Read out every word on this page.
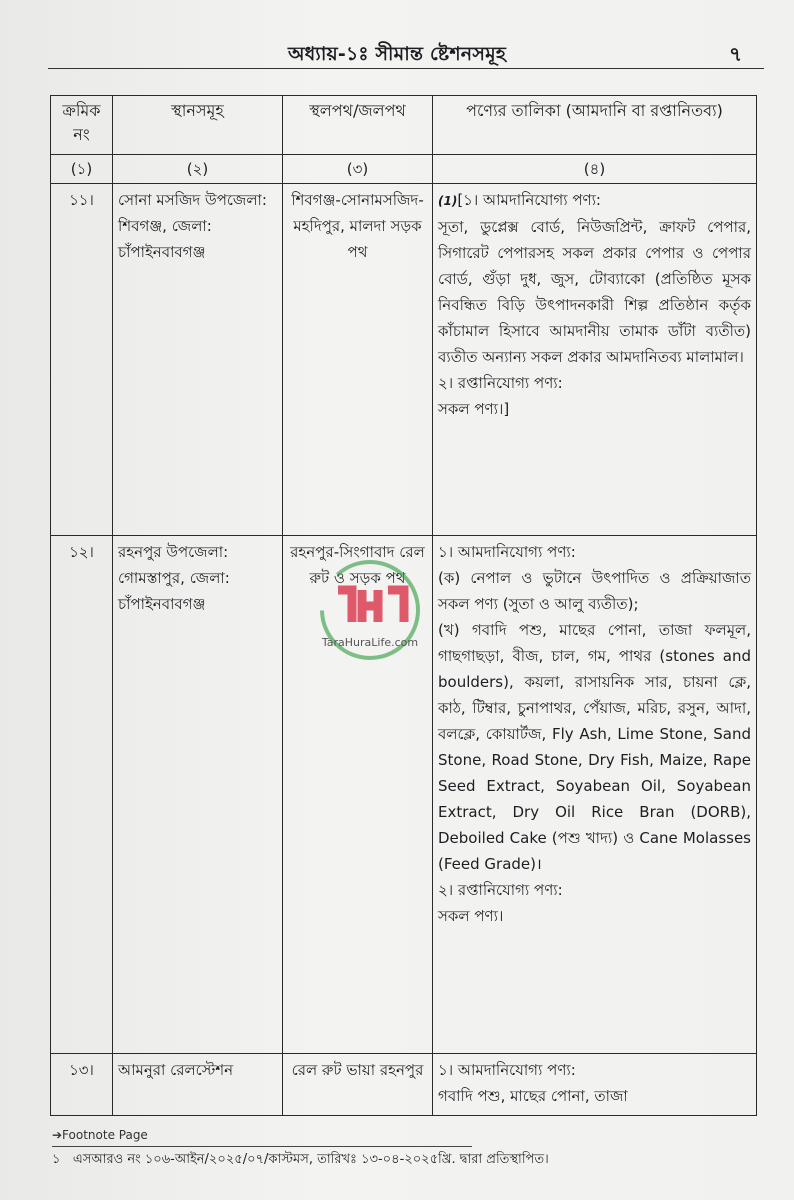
অধ্যায়-১ঃ সীমান্ত ষ্টেশনসমূহ	৭
ক্রমিক নং	স্থানসমূহ	স্থলপথ/জলপথ	পণ্যের তালিকা (আমদানি বা রপ্তানিতব্য)
(১)	(২)	(৩)	(৪)
১১।	সোনা মসজিদ উপজেলা: শিবগঞ্জ, জেলা: চাঁপাইনবাবগঞ্জ	শিবগঞ্জ-সোনামসজিদ-মহদিপুর, মালদা সড়ক পথ	(1)[১। আমদানিযোগ্য পণ্য:
সূতা, ডুপ্লেক্স বোর্ড, নিউজপ্রিন্ট, ক্রাফট পেপার, সিগারেট পেপারসহ সকল প্রকার পেপার ও পেপার বোর্ড, গুঁড়া দুধ, জুস, টোব্যাকো (প্রতিষ্ঠিত মূসক নিবন্ধিত বিড়ি উৎপাদনকারী শিল্প প্রতিষ্ঠান কর্তৃক কাঁচামাল হিসাবে আমদানীয় তামাক ডাঁটা ব্যতীত) ব্যতীত অন্যান্য সকল প্রকার আমদানিতব্য মালামাল।
২। রপ্তানিযোগ্য পণ্য:
সকল পণ্য।]

১২।	রহনপুর উপজেলা: গোমস্তাপুর, জেলা: চাঁপাইনবাবগঞ্জ	রহনপুর-সিংগাবাদ রেল রুট ও সড়ক পথ	১। আমদানিযোগ্য পণ্য:
(ক) নেপাল ও ভুটানে উৎপাদিত ও প্রক্রিয়াজাত সকল পণ্য (সুতা ও আলু ব্যতীত);
(খ) গবাদি পশু, মাছের পোনা, তাজা ফলমূল, গাছগাছড়া, বীজ, চাল, গম, পাথর (stones and boulders), কয়লা, রাসায়নিক সার, চায়না ক্লে, কাঠ, টিম্বার, চুনাপাথর, পেঁয়াজ, মরিচ, রসুন, আদা, বলক্লে, কোয়ার্টজ, Fly Ash, Lime Stone, Sand Stone, Road Stone, Dry Fish, Maize, Rape Seed Extract, Soyabean Oil, Soyabean Extract, Dry Oil Rice Bran (DORB), Deboiled Cake (পশু খাদ্য) ও Cane Molasses (Feed Grade)।
২। রপ্তানিযোগ্য পণ্য:
সকল পণ্য।

১৩।	আমনুরা রেলস্টেশন	রেল রুট ভায়া রহনপুর	১। আমদানিযোগ্য পণ্য:
গবাদি পশু, মাছের পোনা, তাজা
TaraHuraLife.com
➔Footnote Page
১ এসআরও নং ১০৬-আইন/২০২৫/০৭/কাস্টমস, তারিখঃ ১৩-০৪-২০২৫খ্রি. দ্বারা প্রতিস্থাপিত।
